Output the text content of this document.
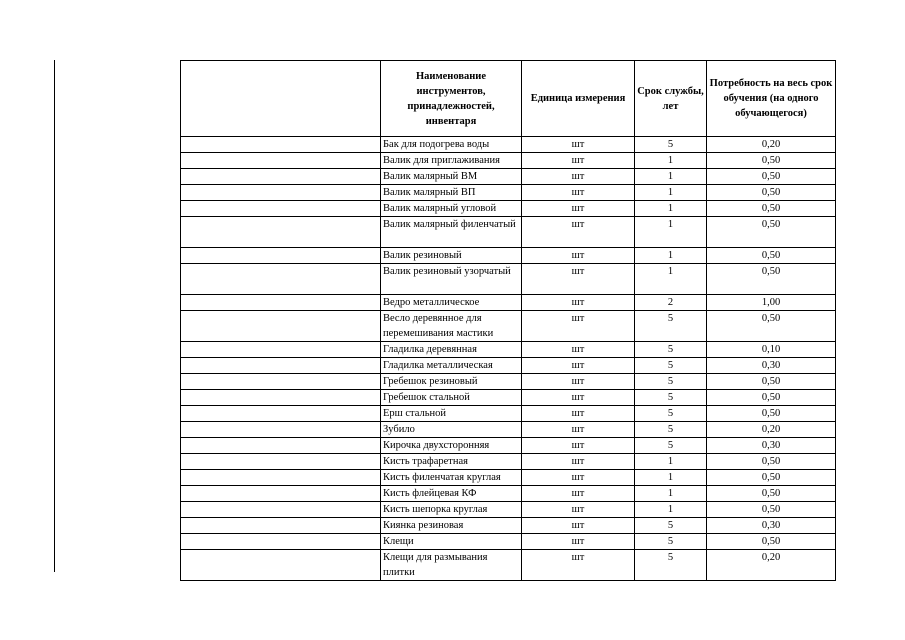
	Наименование инструментов, принадлежностей, инвентаря	Единица измерения	Срок службы, лет	Потребность на весь срок обучения (на одного обучающегося)
	Бак для подогрева воды	шт	5	0,20
	Валик для приглаживания	шт	1	0,50
	Валик малярный ВМ	шт	1	0,50
	Валик малярный ВП	шт	1	0,50
	Валик малярный угловой	шт	1	0,50
	Валик малярный филенчатый	шт	1	0,50
	Валик резиновый	шт	1	0,50
	Валик резиновый узорчатый	шт	1	0,50
	Ведро металлическое	шт	2	1,00
	Весло деревянное для перемешивания мастики	шт	5	0,50
	Гладилка деревянная	шт	5	0,10
	Гладилка металлическая	шт	5	0,30
	Гребешок резиновый	шт	5	0,50
	Гребешок стальной	шт	5	0,50
	Ерш стальной	шт	5	0,50
	Зубило	шт	5	0,20
	Кирочка двухсторонняя	шт	5	0,30
	Кисть трафаретная	шт	1	0,50
	Кисть филенчатая круглая	шт	1	0,50
	Кисть флейцевая КФ	шт	1	0,50
	Кисть шепорка круглая	шт	1	0,50
	Киянка резиновая	шт	5	0,30
	Клещи	шт	5	0,50
	Клещи для размывания плитки	шт	5	0,20
